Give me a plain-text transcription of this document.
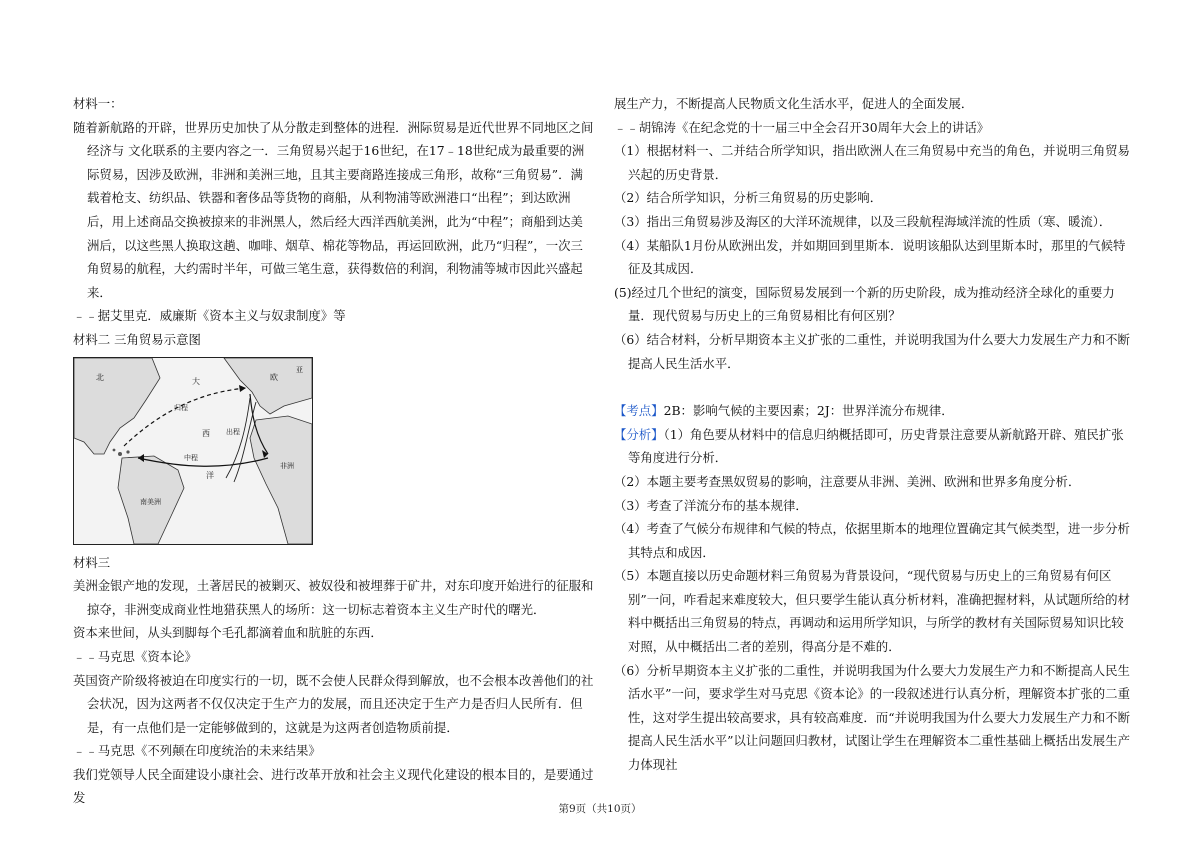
材料一：

随着新航路的开辟，世界历史加快了从分散走到整体的进程．洲际贸易是近代世界不同地区之间经济与 文化联系的主要内容之一．三角贸易兴起于16世纪，在17﹣18世纪成为最重要的洲际贸易，因涉及欧洲，非洲和美洲三地，且其主要商路连接成三角形，故称“三角贸易”．满载着枪支、纺织品、铁器和奢侈品等货物的商船，从利物浦等欧洲港口“出程”；到达欧洲后，用上述商品交换被掠来的非洲黑人，然后经大西洋西航美洲，此为“中程”；商船到达美洲后，以这些黑人换取这趟、咖啡、烟草、棉花等物品，再运回欧洲，此乃“归程”，一次三角贸易的航程，大约需时半年，可做三笔生意，获得数倍的利润，利物浦等城市因此兴盛起来．

﹣﹣据艾里克．威廉斯《资本主义与奴隶制度》等

材料二 三角贸易示意图

北	欧
大
归程
出程
中程
西
洋
非洲
南美洲
亚

材料三

美洲金银产地的发现，土著居民的被剿灭、被奴役和被埋葬于矿井，对东印度开始进行的征服和掠夺，非洲变成商业性地猎获黑人的场所：这一切标志着资本主义生产时代的曙光．

资本来世间，从头到脚每个毛孔都滴着血和肮脏的东西．

﹣﹣马克思《资本论》

英国资产阶级将被迫在印度实行的一切，既不会使人民群众得到解放，也不会根本改善他们的社会状况，因为这两者不仅仅决定于生产力的发展，而且还决定于生产力是否归人民所有．但是，有一点他们是一定能够做到的，这就是为这两者创造物质前提．

﹣﹣马克思《不列颠在印度统治的未来结果》

我们党领导人民全面建设小康社会、进行改革开放和社会主义现代化建设的根本目的，是要通过发

展生产力，不断提高人民物质文化生活水平，促进人的全面发展．

﹣﹣胡锦涛《在纪念党的十一届三中全会召开30周年大会上的讲话》

（1）根据材料一、二并结合所学知识，指出欧洲人在三角贸易中充当的角色，并说明三角贸易兴起的历史背景．

（2）结合所学知识，分析三角贸易的历史影响．

（3）指出三角贸易涉及海区的大洋环流规律，以及三段航程海域洋流的性质（寒、暖流）．

（4）某船队1月份从欧洲出发，并如期回到里斯本．说明该船队达到里斯本时，那里的气候特征及其成因．

(5)经过几个世纪的演变，国际贸易发展到一个新的历史阶段，成为推动经济全球化的重要力量．现代贸易与历史上的三角贸易相比有何区别？

（6）结合材料，分析早期资本主义扩张的二重性，并说明我国为什么要大力发展生产力和不断提高人民生活水平．

【考点】2B：影响气候的主要因素；2J：世界洋流分布规律．

【分析】（1）角色要从材料中的信息归纳概括即可，历史背景注意要从新航路开辟、殖民扩张等角度进行分析．

（2）本题主要考查黑奴贸易的影响，注意要从非洲、美洲、欧洲和世界多角度分析．

（3）考查了洋流分布的基本规律．

（4）考查了气候分布规律和气候的特点，依据里斯本的地理位置确定其气候类型，进一步分析其特点和成因．

（5）本题直接以历史命题材料三角贸易为背景设问，“现代贸易与历史上的三角贸易有何区别”一问，咋看起来难度较大，但只要学生能认真分析材料，准确把握材料，从试题所给的材料中概括出三角贸易的特点，再调动和运用所学知识，与所学的教材有关国际贸易知识比较对照，从中概括出二者的差别，得高分是不难的．

（6）分析早期资本主义扩张的二重性，并说明我国为什么要大力发展生产力和不断提高人民生活水平”一问，要求学生对马克思《资本论》的一段叙述进行认真分析，理解资本扩张的二重性，这对学生提出较高要求，具有较高难度．而“并说明我国为什么要大力发展生产力和不断提高人民生活水平”以让问题回归教材，试图让学生在理解资本二重性基础上概括出发展生产力体现社

第9页（共10页）
